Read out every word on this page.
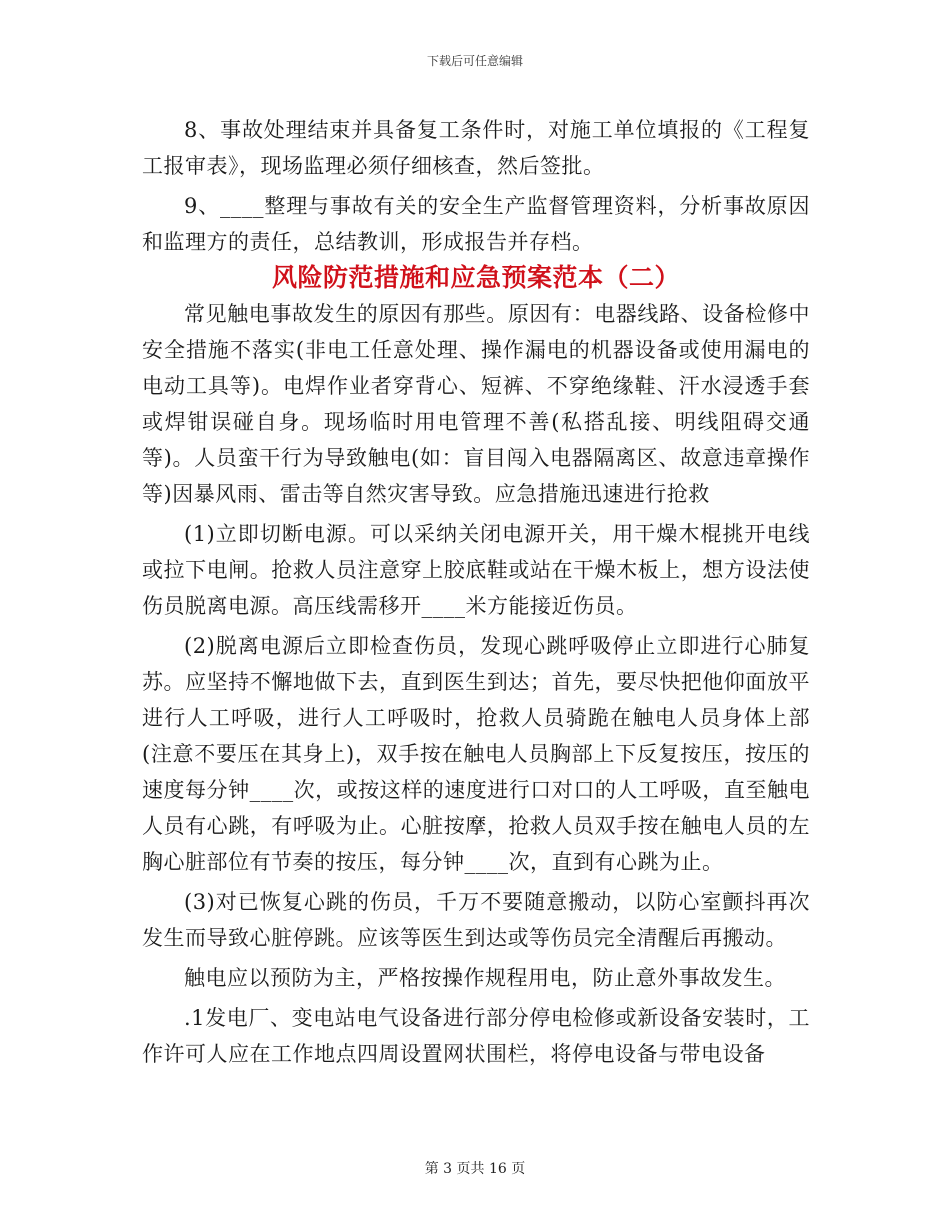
下载后可任意编辑

8、事故处理结束并具备复工条件时，对施工单位填报的《工程复工报审表》，现场监理必须仔细核查，然后签批。

9、____整理与事故有关的安全生产监督管理资料，分析事故原因和监理方的责任，总结教训，形成报告并存档。

风险防范措施和应急预案范本（二）

常见触电事故发生的原因有那些。原因有：电器线路、设备检修中安全措施不落实(非电工任意处理、操作漏电的机器设备或使用漏电的电动工具等)。电焊作业者穿背心、短裤、不穿绝缘鞋、汗水浸透手套或焊钳误碰自身。现场临时用电管理不善(私搭乱接、明线阻碍交通等)。人员蛮干行为导致触电(如：盲目闯入电器隔离区、故意违章操作等)因暴风雨、雷击等自然灾害导致。应急措施迅速进行抢救

(1)立即切断电源。可以采纳关闭电源开关，用干燥木棍挑开电线或拉下电闸。抢救人员注意穿上胶底鞋或站在干燥木板上，想方设法使伤员脱离电源。高压线需移开____米方能接近伤员。

(2)脱离电源后立即检查伤员，发现心跳呼吸停止立即进行心肺复苏。应坚持不懈地做下去，直到医生到达；首先，要尽快把他仰面放平进行人工呼吸，进行人工呼吸时，抢救人员骑跪在触电人员身体上部(注意不要压在其身上)，双手按在触电人员胸部上下反复按压，按压的速度每分钟____次，或按这样的速度进行口对口的人工呼吸，直至触电人员有心跳，有呼吸为止。心脏按摩，抢救人员双手按在触电人员的左胸心脏部位有节奏的按压，每分钟____次，直到有心跳为止。

(3)对已恢复心跳的伤员，千万不要随意搬动，以防心室颤抖再次发生而导致心脏停跳。应该等医生到达或等伤员完全清醒后再搬动。

触电应以预防为主，严格按操作规程用电，防止意外事故发生。

.1发电厂、变电站电气设备进行部分停电检修或新设备安装时，工作许可人应在工作地点四周设置网状围栏，将停电设备与带电设备

第 3 页共 16 页
